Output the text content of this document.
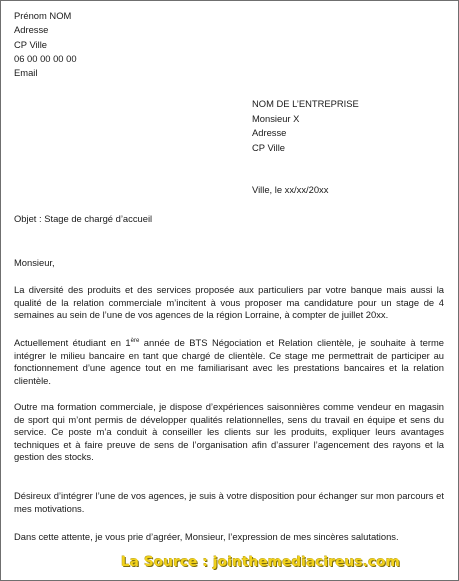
Prénom NOM
Adresse
CP Ville
06 00 00 00 00
Email
NOM DE L’ENTREPRISE
Monsieur X
Adresse
CP Ville
Ville, le xx/xx/20xx
Objet : Stage de chargé d’accueil
Monsieur,
La diversité des produits et des services proposée aux particuliers par votre banque mais aussi la qualité de la relation commerciale m’incitent à vous proposer ma candidature pour un stage de 4 semaines au sein de l’une de vos agences de la région Lorraine, à compter de juillet 20xx.
Actuellement étudiant en 1ère année de BTS Négociation et Relation clientèle, je souhaite à terme intégrer le milieu bancaire en tant que chargé de clientèle. Ce stage me permettrait de participer au fonctionnement d’une agence tout en me familiarisant avec les prestations bancaires et la relation clientèle.
Outre ma formation commerciale, je dispose d’expériences saisonnières comme vendeur en magasin de sport qui m’ont permis de développer qualités relationnelles, sens du travail en équipe et sens du service. Ce poste m’a conduit à conseiller les clients sur les produits, expliquer leurs avantages techniques et à faire preuve de sens de l’organisation afin d’assurer l’agencement des rayons et la gestion des stocks.
Désireux d’intégrer l’une de vos agences, je suis à votre disposition pour échanger sur mon parcours et mes motivations.
Dans cette attente, je vous prie d’agréer, Monsieur, l’expression de mes sincères salutations.
La Source : jointhemediacireus.com
